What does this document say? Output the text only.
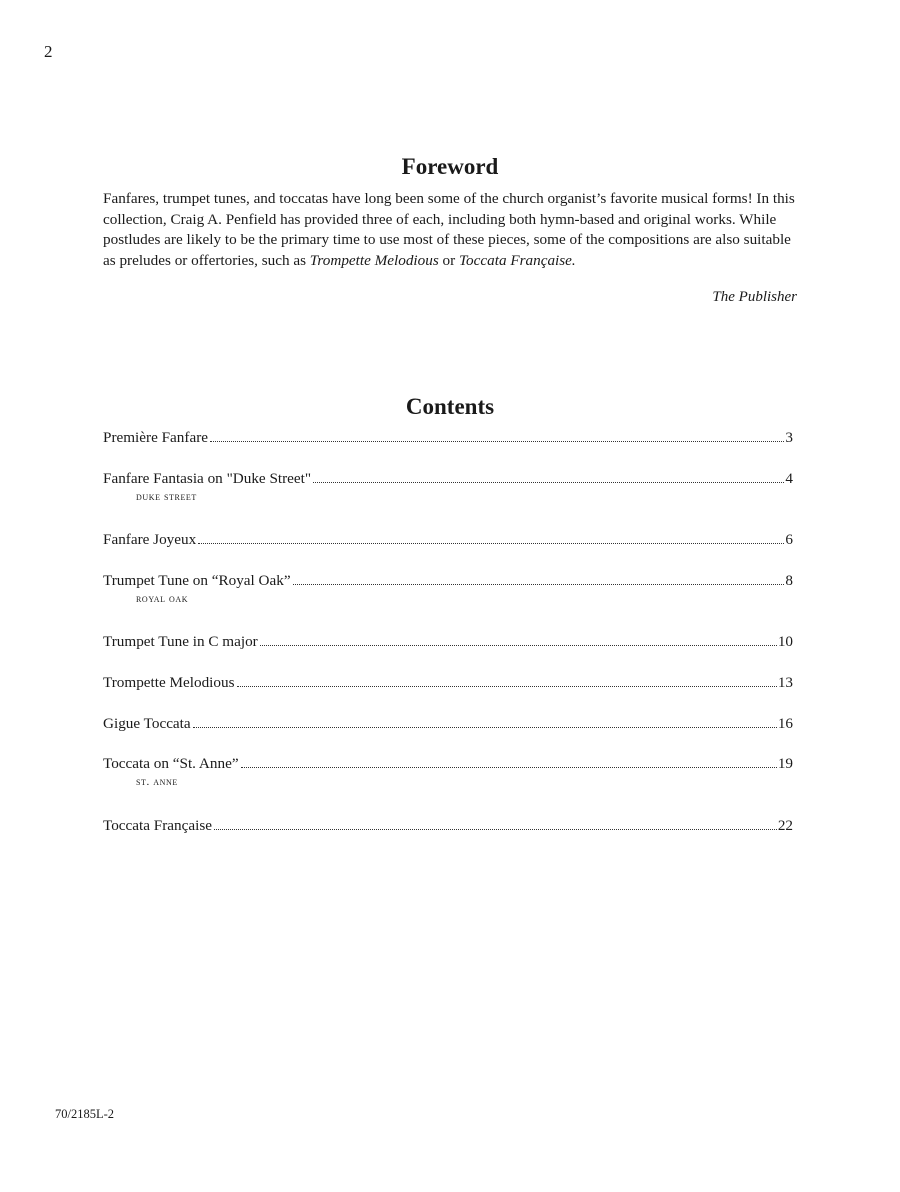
2
Foreword
Fanfares, trumpet tunes, and toccatas have long been some of the church organist’s favorite musical forms! In this collection, Craig A. Penfield has provided three of each, including both hymn-based and original works. While postludes are likely to be the primary time to use most of these pieces, some of the compositions are also suitable as preludes or offertories, such as Trompette Melodious or Toccata Française.
The Publisher
Contents
Première Fanfare	3
Fanfare Fantasia on "Duke Street"	4
duke street
Fanfare Joyeux	6
Trumpet Tune on “Royal Oak”	8
royal oak
Trumpet Tune in C major	10
Trompette Melodious	13
Gigue Toccata	16
Toccata on “St. Anne”	19
st. anne
Toccata Française	22
70/2185L-2
